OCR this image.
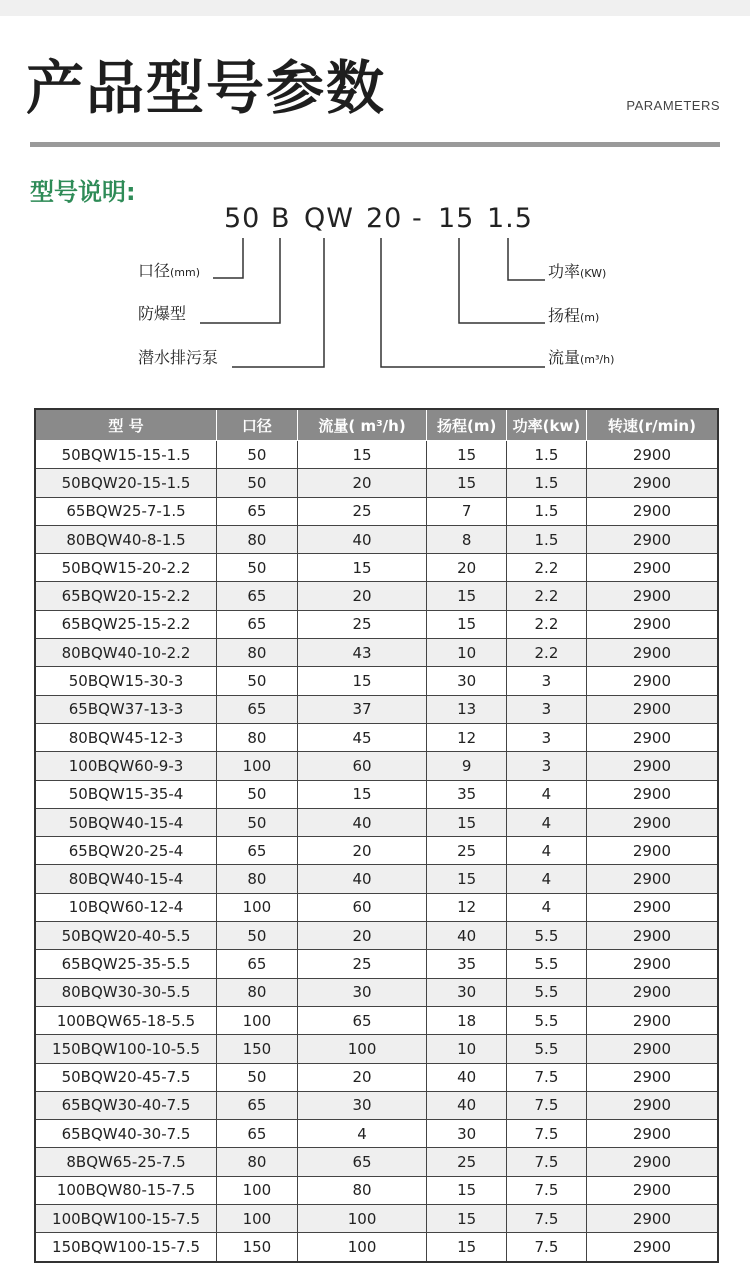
产品型号参数	PARAMETERS
型号说明:
50 B QW 20 - 15 1.5
口径(mm)
防爆型
潜水排污泵
功率(KW)
扬程(m)
流量(m³/h)
型 号	口径	流量( m³/h)	扬程(m)	功率(kw)	转速(r/min)
50BQW15-15-1.5	50	15	15	1.5	2900
50BQW20-15-1.5	50	20	15	1.5	2900
65BQW25-7-1.5	65	25	7	1.5	2900
80BQW40-8-1.5	80	40	8	1.5	2900
50BQW15-20-2.2	50	15	20	2.2	2900
65BQW20-15-2.2	65	20	15	2.2	2900
65BQW25-15-2.2	65	25	15	2.2	2900
80BQW40-10-2.2	80	43	10	2.2	2900
50BQW15-30-3	50	15	30	3	2900
65BQW37-13-3	65	37	13	3	2900
80BQW45-12-3	80	45	12	3	2900
100BQW60-9-3	100	60	9	3	2900
50BQW15-35-4	50	15	35	4	2900
50BQW40-15-4	50	40	15	4	2900
65BQW20-25-4	65	20	25	4	2900
80BQW40-15-4	80	40	15	4	2900
10BQW60-12-4	100	60	12	4	2900
50BQW20-40-5.5	50	20	40	5.5	2900
65BQW25-35-5.5	65	25	35	5.5	2900
80BQW30-30-5.5	80	30	30	5.5	2900
100BQW65-18-5.5	100	65	18	5.5	2900
150BQW100-10-5.5	150	100	10	5.5	2900
50BQW20-45-7.5	50	20	40	7.5	2900
65BQW30-40-7.5	65	30	40	7.5	2900
65BQW40-30-7.5	65	4	30	7.5	2900
8BQW65-25-7.5	80	65	25	7.5	2900
100BQW80-15-7.5	100	80	15	7.5	2900
100BQW100-15-7.5	100	100	15	7.5	2900
150BQW100-15-7.5	150	100	15	7.5	2900
